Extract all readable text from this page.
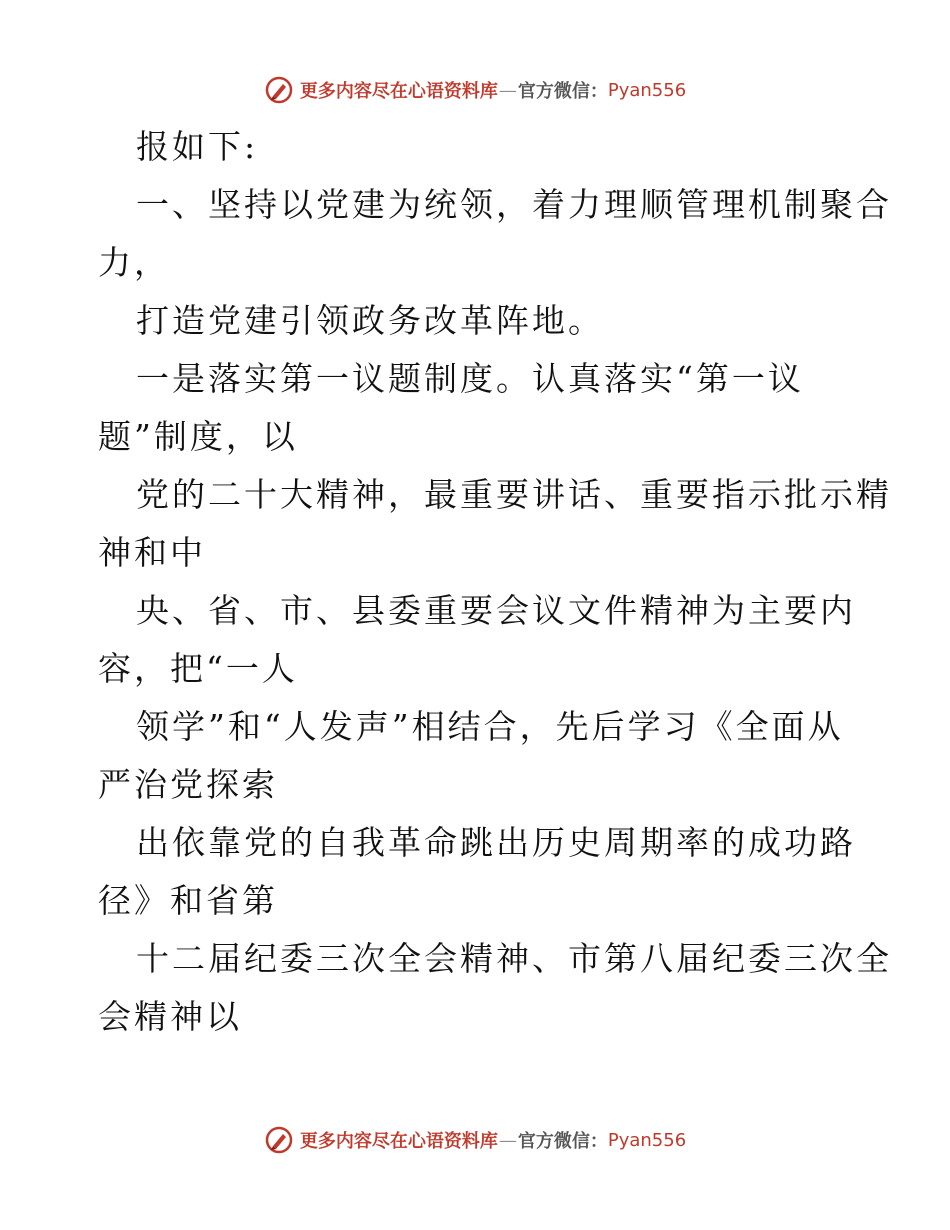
更多内容尽在心语资料库 — 官方微信： Pyan556
报如下:
一、坚持以党建为统领，着力理顺管理机制聚合
力，
打造党建引领政务改革阵地。
一是落实第一议题制度。认真落实“第一议
题”制度，以
党的二十大精神，最重要讲话、重要指示批示精
神和中
央、省、市、县委重要会议文件精神为主要内
容，把“一人
领学”和“人发声”相结合，先后学习《全面从
严治党探索
出依靠党的自我革命跳出历史周期率的成功路
径》和省第
十二届纪委三次全会精神、市第八届纪委三次全
会精神以
更多内容尽在心语资料库 — 官方微信： Pyan556
